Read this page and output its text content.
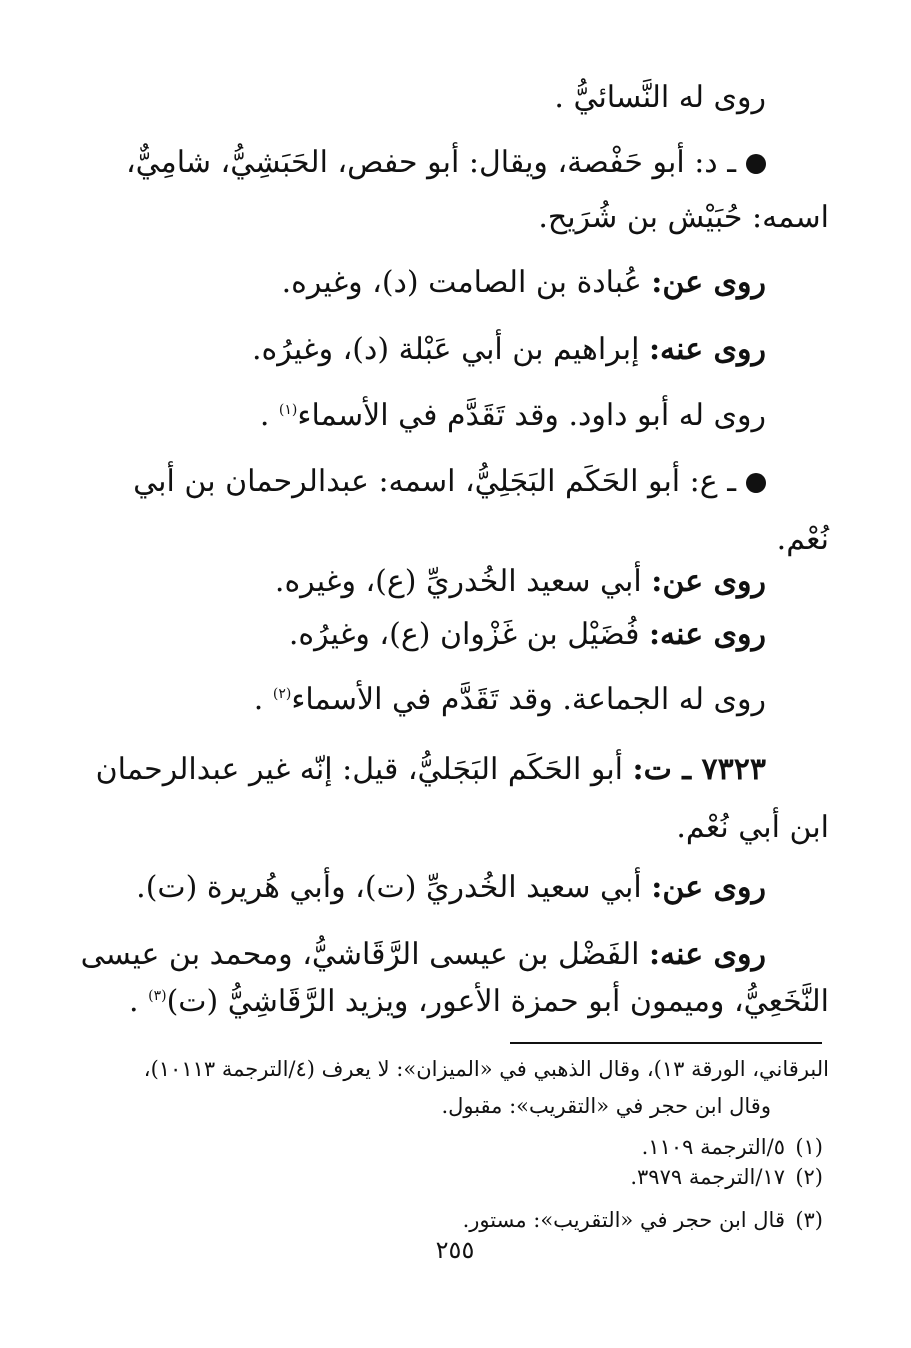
روى له النَّسائيُّ .
ـ د: أبو حَفْصة، ويقال: أبو حفص، الحَبَشِيُّ، شامِيٌّ،
اسمه: حُبَيْش بن شُرَيح.
روى عن: عُبادة بن الصامت (د)، وغيره.
روى عنه: إبراهيم بن أبي عَبْلة (د)، وغيرُه.
روى له أبو داود. وقد تَقَدَّم في الأسماء$^{(١)}$ .
ـ ع: أبو الحَكَم البَجَلِيُّ، اسمه: عبدالرحمان بن أبي
نُعْم.
روى عن: أبي سعيد الخُدريِّ (ع)، وغيره.
روى عنه: فُضَيْل بن غَزْوان (ع)، وغيرُه.
روى له الجماعة. وقد تَقَدَّم في الأسماء$^{(٢)}$ .
٧٣٢٣ ـ ت: أبو الحَكَم البَجَليُّ، قيل: إنّه غير عبدالرحمان
ابن أبي نُعْم.
روى عن: أبي سعيد الخُدريِّ (ت)، وأبي هُريرة (ت).
روى عنه: الفَضْل بن عيسى الرَّقَاشيُّ، ومحمد بن عيسى
النَّخَعِيُّ، وميمون أبو حمزة الأعور، ويزيد الرَّقَاشِيُّ (ت)$^{(٣)}$ .
البرقاني، الورقة ١٣)، وقال الذهبي في «الميزان»: لا يعرف (٤/الترجمة ١٠١١٣)،
وقال ابن حجر في «التقريب»: مقبول.
(١)٥/الترجمة ١١٠٩.
(٢)١٧/الترجمة ٣٩٧٩.
(٣)قال ابن حجر في «التقريب»: مستور.
٢٥٥
